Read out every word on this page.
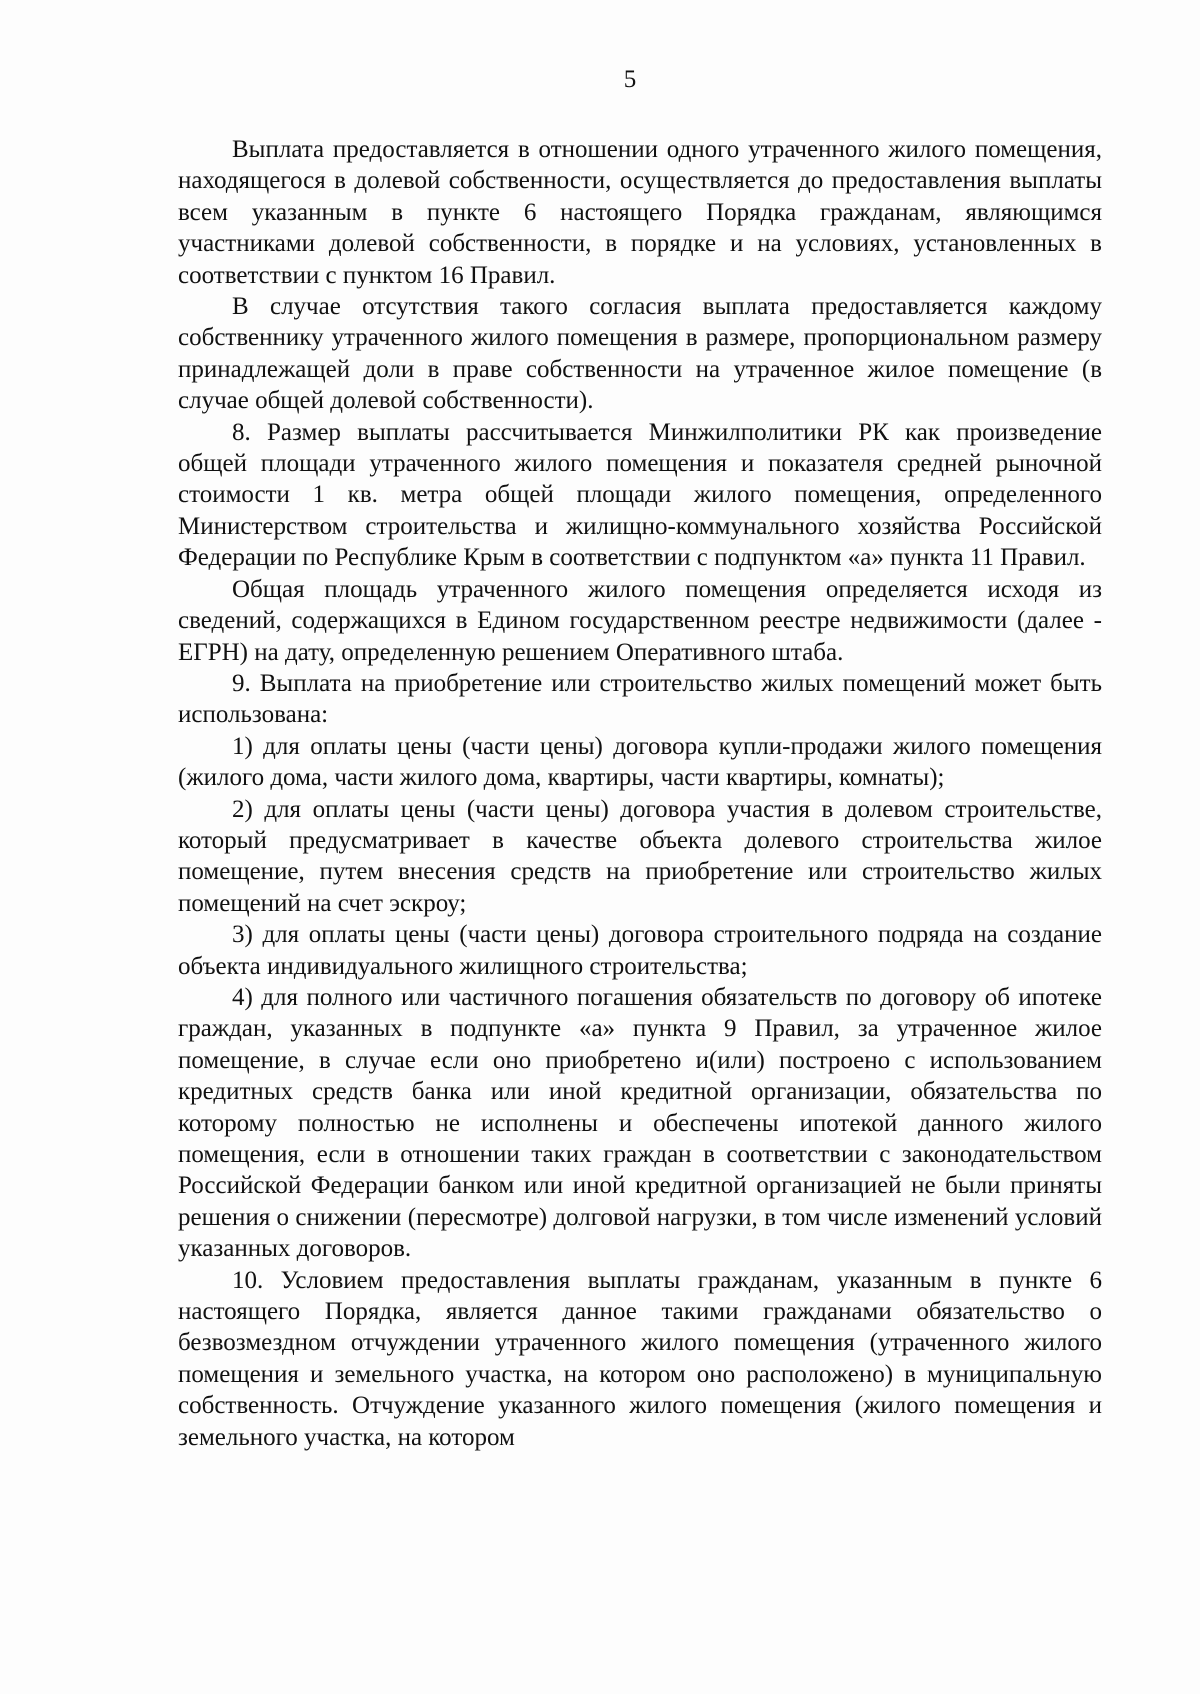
5

Выплата предоставляется в отношении одного утраченного жилого помещения, находящегося в долевой собственности, осуществляется до предоставления выплаты всем указанным в пункте 6 настоящего Порядка гражданам, являющимся участниками долевой собственности, в порядке и на условиях, установленных в соответствии с пунктом 16 Правил.

В случае отсутствия такого согласия выплата предоставляется каждому собственнику утраченного жилого помещения в размере, пропорциональном размеру принадлежащей доли в праве собственности на утраченное жилое помещение (в случае общей долевой собственности).

8. Размер выплаты рассчитывается Минжилполитики РК как произведение общей площади утраченного жилого помещения и показателя средней рыночной стоимости 1 кв. метра общей площади жилого помещения, определенного Министерством строительства и жилищно-коммунального хозяйства Российской Федерации по Республике Крым в соответствии с подпунктом «а» пункта 11 Правил.

Общая площадь утраченного жилого помещения определяется исходя из сведений, содержащихся в Едином государственном реестре недвижимости (далее - ЕГРН) на дату, определенную решением Оперативного штаба.

9. Выплата на приобретение или строительство жилых помещений может быть использована:

1) для оплаты цены (части цены) договора купли-продажи жилого помещения (жилого дома, части жилого дома, квартиры, части квартиры, комнаты);

2) для оплаты цены (части цены) договора участия в долевом строительстве, который предусматривает в качестве объекта долевого строительства жилое помещение, путем внесения средств на приобретение или строительство жилых помещений на счет эскроу;

3) для оплаты цены (части цены) договора строительного подряда на создание объекта индивидуального жилищного строительства;

4) для полного или частичного погашения обязательств по договору об ипотеке граждан, указанных в подпункте «а» пункта 9 Правил, за утраченное жилое помещение, в случае если оно приобретено и(или) построено с использованием кредитных средств банка или иной кредитной организации, обязательства по которому полностью не исполнены и обеспечены ипотекой данного жилого помещения, если в отношении таких граждан в соответствии с законодательством Российской Федерации банком или иной кредитной организацией не были приняты решения о снижении (пересмотре) долговой нагрузки, в том числе изменений условий указанных договоров.

10. Условием предоставления выплаты гражданам, указанным в пункте 6 настоящего Порядка, является данное такими гражданами обязательство о безвозмездном отчуждении утраченного жилого помещения (утраченного жилого помещения и земельного участка, на котором оно расположено) в муниципальную собственность. Отчуждение указанного жилого помещения (жилого помещения и земельного участка, на котором
